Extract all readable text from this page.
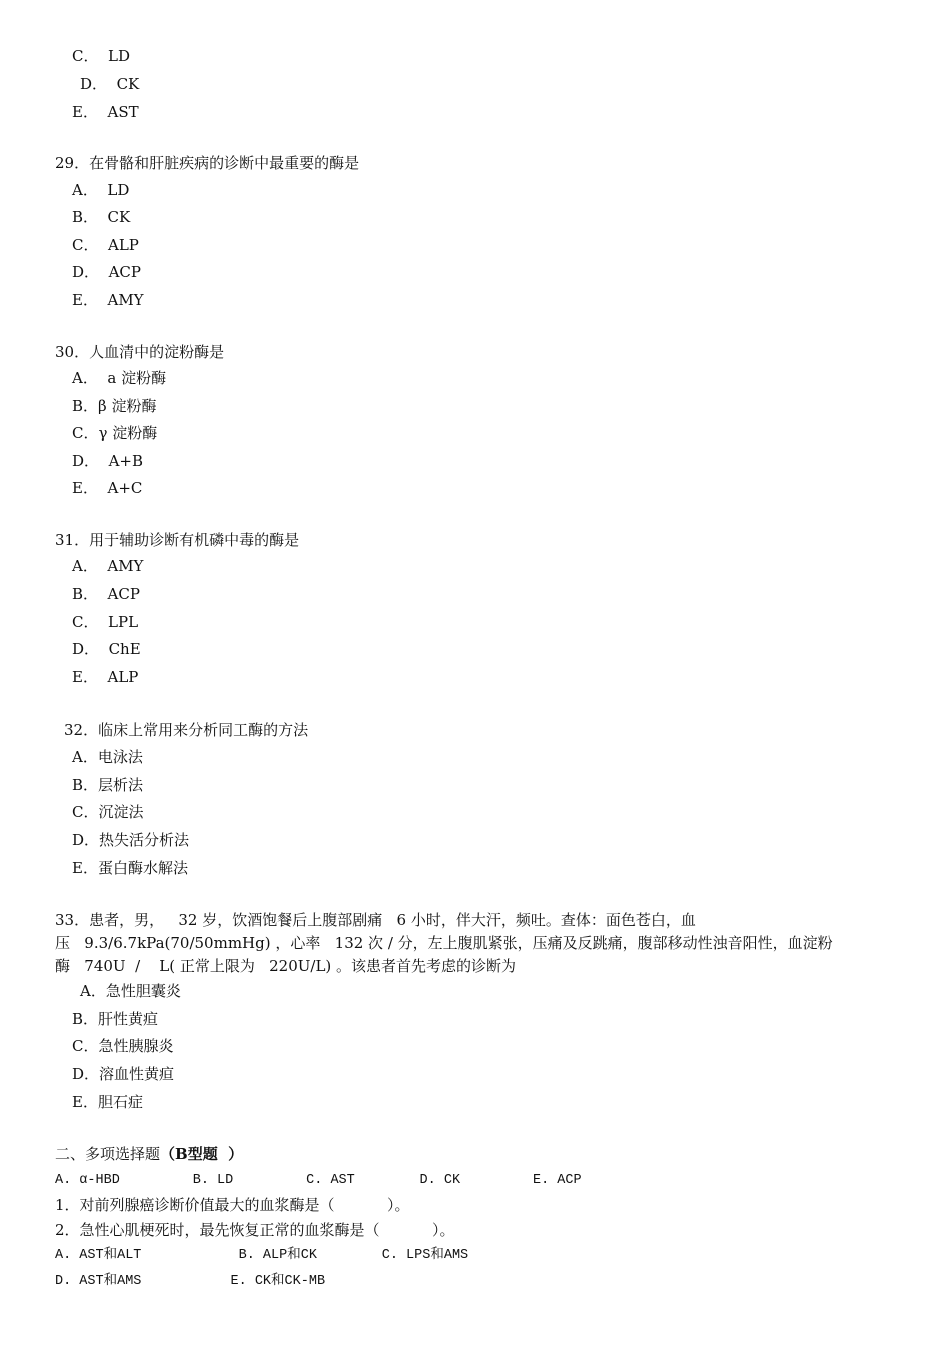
C．  LD
D．  CK
E．  AST
29．在骨骼和肝脏疾病的诊断中最重要的酶是
A．  LD
B．  CK
C．  ALP
D．  ACP
E．  AMY
30．人血清中的淀粉酶是
A．  a 淀粉酶
B．β 淀粉酶
C．γ 淀粉酶
D．  A+B
E．  A+C
31．用于辅助诊断有机磷中毒的酶是
A．  AMY
B．  ACP
C．  LPL
D．  ChE
E．  ALP
32．临床上常用来分析同工酶的方法
A．电泳法
B．层析法
C．沉淀法
D．热失活分析法
E．蛋白酶水解法
33．患者，男，   32 岁，饮酒饱餐后上腹部剧痛   6 小时，伴大汗，频吐。查体：面色苍白，血
压   9.3/6.7kPa(70/50mmHg) ，心率   132 次 / 分，左上腹肌紧张，压痛及反跳痛，腹部移动性浊音阳性，血淀粉
酶   740U  /    L( 正常上限为   220U/L) 。该患者首先考虑的诊断为
A．急性胆囊炎
B．肝性黄疸
C．急性胰腺炎
D．溶血性黄疸
E．胆石症
二、多项选择题（B型题  ）
A. α-HBD         B. LD         C. AST        D. CK         E. ACP
1．对前列腺癌诊断价值最大的血浆酶是（           ）。
2．急性心肌梗死时，最先恢复正常的血浆酶是（           ）。
A. AST和ALT            B. ALP和CK        C. LPS和AMS
D. AST和AMS           E. CK和CK-MB
